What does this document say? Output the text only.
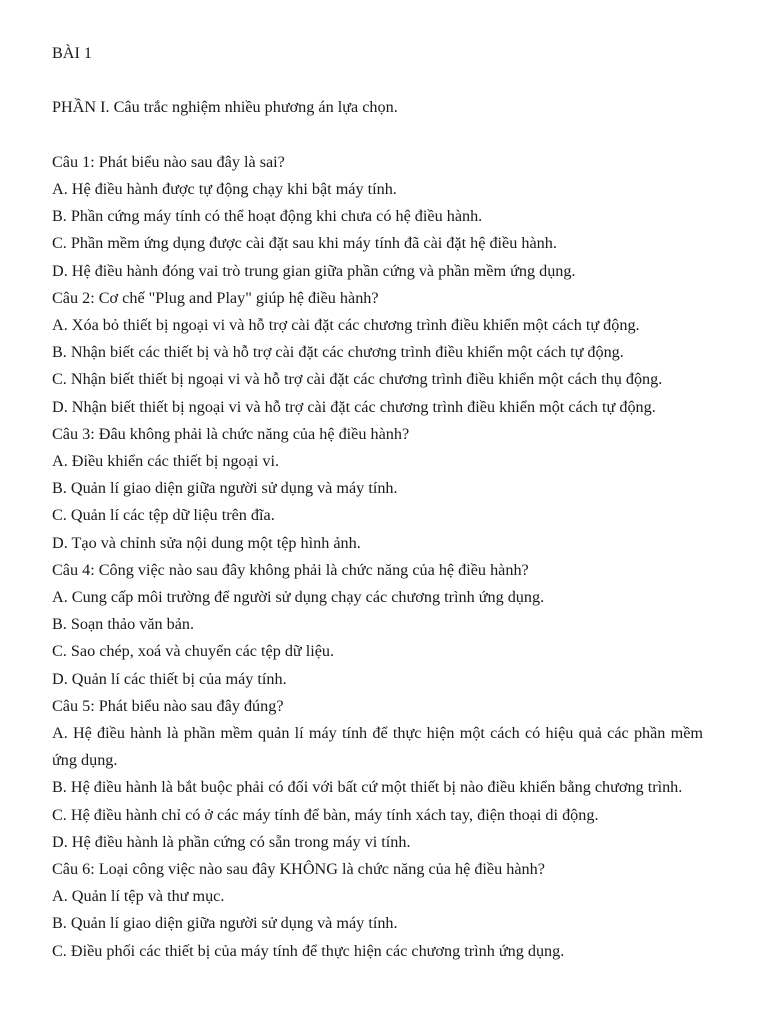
BÀI 1

PHẦN I. Câu trắc nghiệm nhiều phương án lựa chọn.

Câu 1: Phát biểu nào sau đây là sai?
A. Hệ điều hành được tự động chạy khi bật máy tính.
B. Phần cứng máy tính có thể hoạt động khi chưa có hệ điều hành.
C. Phần mềm ứng dụng được cài đặt sau khi máy tính đã cài đặt hệ điều hành.
D. Hệ điều hành đóng vai trò trung gian giữa phần cứng và phần mềm ứng dụng.
Câu 2: Cơ chế "Plug and Play" giúp hệ điều hành?
A. Xóa bỏ thiết bị ngoại vi và hỗ trợ cài đặt các chương trình điều khiển một cách tự động.
B. Nhận biết các thiết bị và hỗ trợ cài đặt các chương trình điều khiển một cách tự động.
C. Nhận biết thiết bị ngoại vi và hỗ trợ cài đặt các chương trình điều khiển một cách thụ động.
D. Nhận biết thiết bị ngoại vi và hỗ trợ cài đặt các chương trình điều khiển một cách tự động.
Câu 3: Đâu không phải là chức năng của hệ điều hành?
A. Điều khiển các thiết bị ngoại vi.
B. Quản lí giao diện giữa người sử dụng và máy tính.
C. Quản lí các tệp dữ liệu trên đĩa.
D. Tạo và chỉnh sửa nội dung một tệp hình ảnh.
Câu 4: Công việc nào sau đây không phải là chức năng của hệ điều hành?
A. Cung cấp môi trường để người sử dụng chạy các chương trình ứng dụng.
B. Soạn thảo văn bản.
C. Sao chép, xoá và chuyển các tệp dữ liệu.
D. Quản lí các thiết bị của máy tính.
Câu 5: Phát biểu nào sau đây đúng?
A. Hệ điều hành là phần mềm quản lí máy tính để thực hiện một cách có hiệu quả các phần mềm ứng dụng.
B. Hệ điều hành là bắt buộc phải có đối với bất cứ một thiết bị nào điều khiển bằng chương trình.
C. Hệ điều hành chỉ có ở các máy tính để bàn, máy tính xách tay, điện thoại di động.
D. Hệ điều hành là phần cứng có sẵn trong máy vi tính.
Câu 6: Loại công việc nào sau đây KHÔNG là chức năng của hệ điều hành?
A. Quản lí tệp và thư mục.
B. Quản lí giao diện giữa người sử dụng và máy tính.
C. Điều phối các thiết bị của máy tính để thực hiện các chương trình ứng dụng.
